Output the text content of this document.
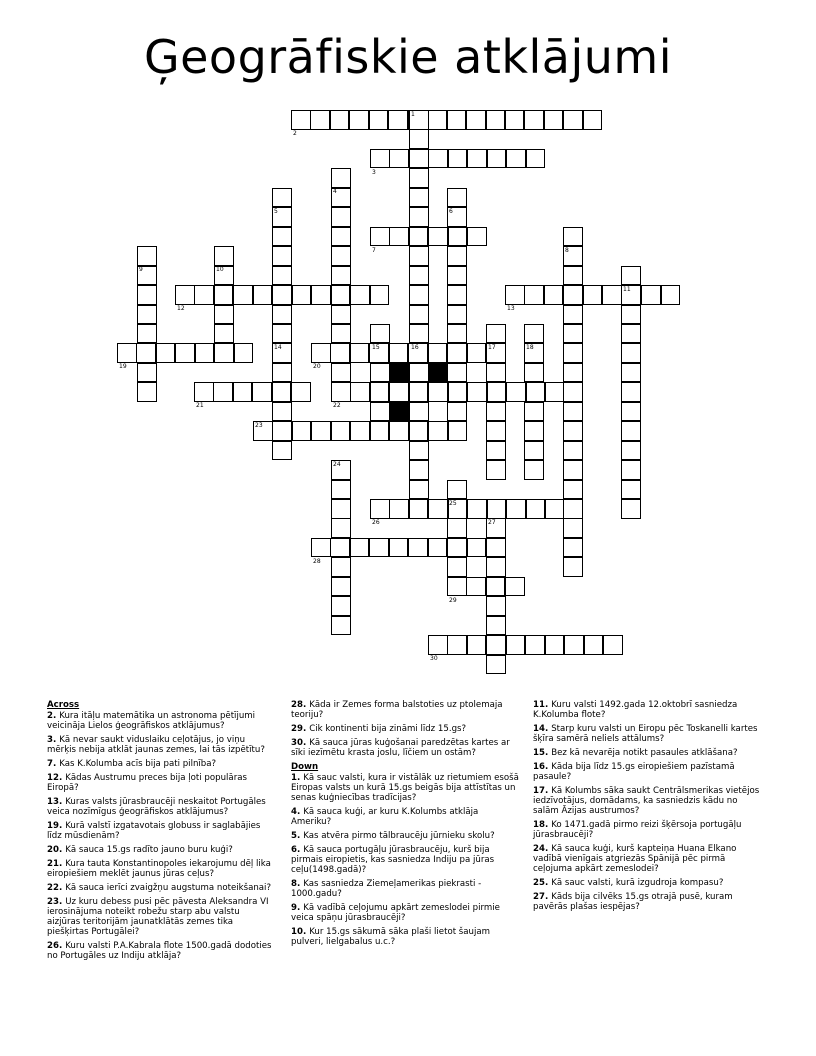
Ģeogrāfiskie atklājumi
1
2
3
4
5	6
7	8
9	10
11
12	13
14	15	16	17	18
19	20
21	22
23
24
25
26	27
28
29
30

Across

2. Kura itāļu matemātika un astronoma pētījumi veicināja Lielos ģeogrāfiskos atklājumus?

3. Kā nevar saukt viduslaiku ceļotājus, jo viņu mērķis nebija atklāt jaunas zemes, lai tās izpētītu?

7. Kas K.Kolumba acīs bija pati pilnība?

12. Kādas Austrumu preces bija ļoti populāras Eiropā?

13. Kuras valsts jūrasbraucēji neskaitot Portugāles veica nozīmīgus ģeogrāfiskos atklājumus?

19. Kurā valstī izgatavotais globuss ir saglabājies līdz mūsdienām?

20. Kā sauca 15.gs radīto jauno buru kuģi?

21. Kura tauta Konstantinopoles iekarojumu dēļ lika eiropiešiem meklēt jaunus jūras ceļus?

22. Kā sauca ierīci zvaigžņu augstuma noteikšanai?

23. Uz kuru debess pusi pēc pāvesta Aleksandra VI ierosinājuma noteikt robežu starp abu valstu aizjūras teritorijām jaunatklātās zemes tika piešķirtas Portugālei?

26. Kuru valsti P.A.Kabrala flote 1500.gadā dodoties no Portugāles uz Indiju atklāja?

28. Kāda ir Zemes forma balstoties uz ptolemaja teoriju?

29. Cik kontinenti bija zināmi līdz 15.gs?

30. Kā sauca jūras kuģošanai paredzētas kartes ar sīki iezīmētu krasta joslu, līčiem un ostām?

Down

1. Kā sauc valsti, kura ir vistālāk uz rietumiem esošā Eiropas valsts un kurā 15.gs beigās bija attīstītas un senas kuģniecības tradīcijas?

4. Kā sauca kuģi, ar kuru K.Kolumbs atklāja Ameriku?

5. Kas atvēra pirmo tālbraucēju jūrnieku skolu?

6. Kā sauca portugāļu jūrasbraucēju, kurš bija pirmais eiropietis, kas sasniedza Indiju pa jūras ceļu(1498.gadā)?

8. Kas sasniedza Ziemeļamerikas piekrasti - 1000.gadu?

9. Kā vadībā ceļojumu apkārt zemeslodei pirmie veica spāņu jūrasbraucēji?

10. Kur 15.gs sākumā sāka plaši lietot šaujam pulveri, lielgabalus u.c.?

11. Kuru valsti 1492.gada 12.oktobrī sasniedza K.Kolumba flote?

14. Starp kuru valsti un Eiropu pēc Toskanelli kartes šķīra samērā neliels attālums?

15. Bez kā nevarēja notikt pasaules atklāšana?

16. Kāda bija līdz 15.gs eiropiešiem pazīstamā pasaule?

17. Kā Kolumbs sāka saukt Centrālsmerikas vietējos iedzīvotājus, domādams, ka sasniedzis kādu no salām Āzijas austrumos?

18. Ko 1471.gadā pirmo reizi šķērsoja portugāļu jūrasbraucēji?

24. Kā sauca kuģi, kurš kapteiņa Huana Elkano vadībā vienīgais atgriezās Spānijā pēc pirmā ceļojuma apkārt zemeslodei?

25. Kā sauc valsti, kurā izgudroja kompasu?

27. Kāds bija cilvēks 15.gs otrajā pusē, kuram pavērās plašas iespējas?
